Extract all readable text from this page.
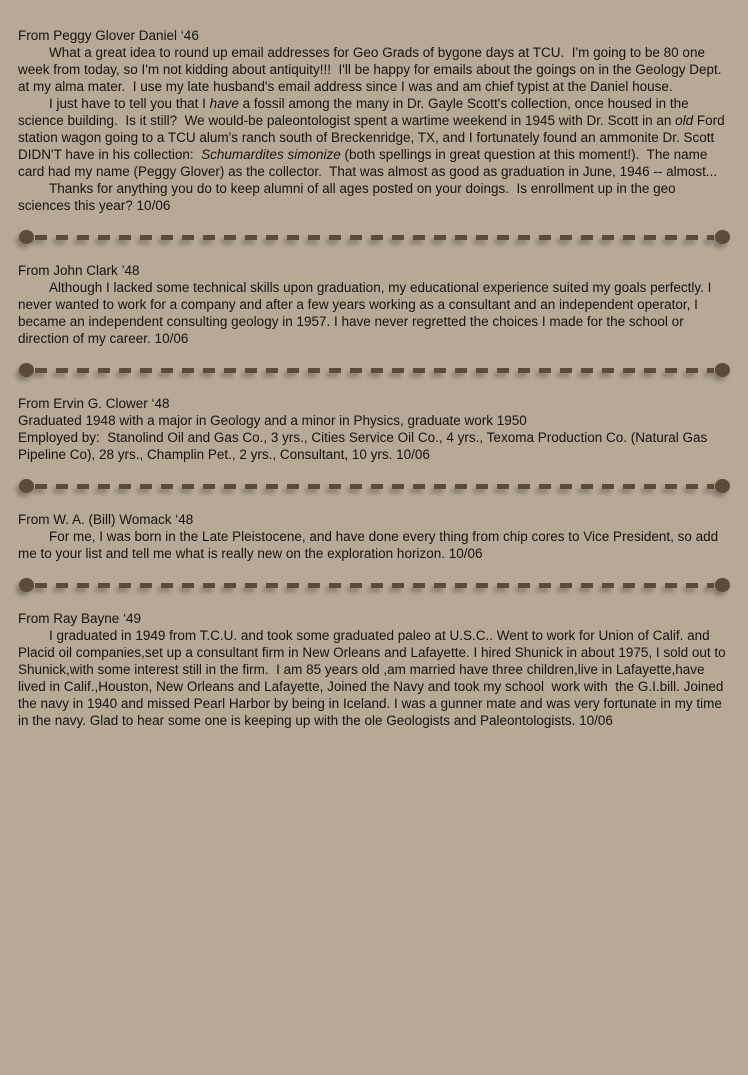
From Peggy Glover Daniel ‘46

What a great idea to round up email addresses for Geo Grads of bygone days at TCU.  I'm going to be 80 one week from today, so I'm not kidding about antiquity!!!  I'll be happy for emails about the goings on in the Geology Dept. at my alma mater.  I use my late husband's email address since I was and am chief typist at the Daniel house.

I just have to tell you that I have a fossil among the many in Dr. Gayle Scott's collection, once housed in the science building.  Is it still?  We would-be paleontologist spent a wartime weekend in 1945 with Dr. Scott in an old Ford station wagon going to a TCU alum's ranch south of Breckenridge, TX, and I fortunately found an ammonite Dr. Scott DIDN'T have in his collection:  Schumardites simonize (both spellings in great question at this moment!).  The name card had my name (Peggy Glover) as the collector.  That was almost as good as graduation in June, 1946 -- almost...

Thanks for anything you do to keep alumni of all ages posted on your doings.  Is enrollment up in the geo sciences this year? 10/06

From John Clark ’48

Although I lacked some technical skills upon graduation, my educational experience suited my goals perfectly. I never wanted to work for a company and after a few years working as a consultant and an independent operator, I became an independent consulting geology in 1957. I have never regretted the choices I made for the school or direction of my career. 10/06

From Ervin G. Clower ‘48

Graduated 1948 with a major in Geology and a minor in Physics, graduate work 1950

Employed by:  Stanolind Oil and Gas Co., 3 yrs., Cities Service Oil Co., 4 yrs., Texoma Production Co. (Natural Gas Pipeline Co), 28 yrs., Champlin Pet., 2 yrs., Consultant, 10 yrs. 10/06

From W. A. (Bill) Womack ‘48

For me, I was born in the Late Pleistocene, and have done every thing from chip cores to Vice President, so add me to your list and tell me what is really new on the exploration horizon. 10/06

From Ray Bayne ‘49

I graduated in 1949 from T.C.U. and took some graduated paleo at U.S.C.. Went to work for Union of Calif. and Placid oil companies,set up a consultant firm in New Orleans and Lafayette. I hired Shunick in about 1975, I sold out to Shunick,with some interest still in the firm.  I am 85 years old ,am married have three children,live in Lafayette,have lived in Calif.,Houston, New Orleans and Lafayette, Joined the Navy and took my school  work with  the G.I.bill. Joined the navy in 1940 and missed Pearl Harbor by being in Iceland. I was a gunner mate and was very fortunate in my time in the navy. Glad to hear some one is keeping up with the ole Geologists and Paleontologists. 10/06
